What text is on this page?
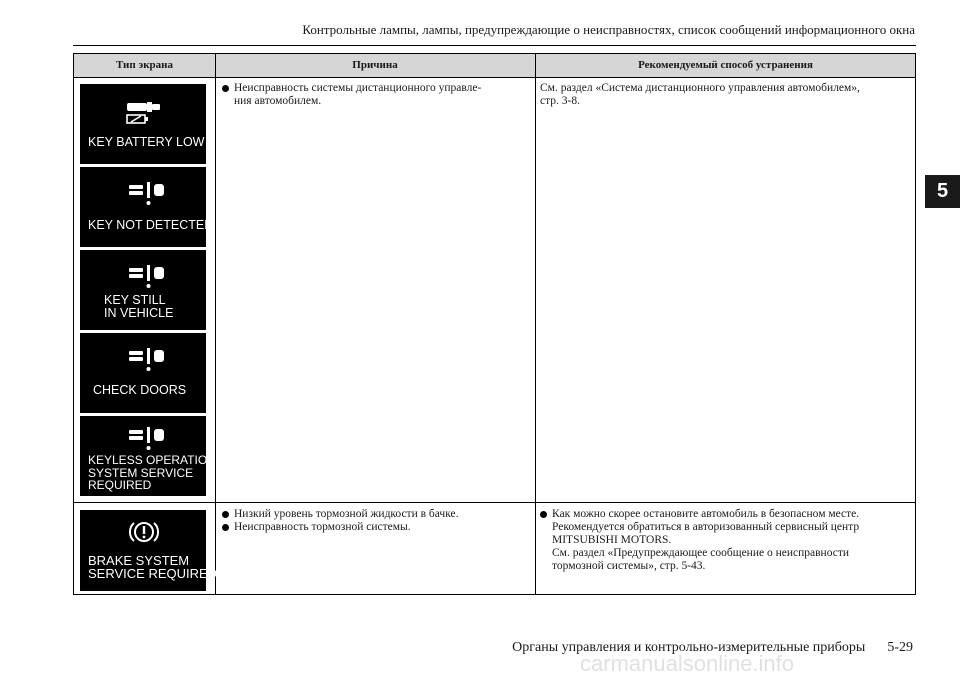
Контрольные лампы, лампы, предупреждающие о неисправностях, список сообщений информационного окна
5
Тип экрана	Причина	Рекомендуемый способ устранения
KEY BATTERY LOW
KEY NOT DETECTED
KEY STILL
IN VEHICLE
CHECK DOORS
KEYLESS OPERATION
SYSTEM SERVICE
REQUIRED
Неисправность системы дистанционного управле-
ния автомобилем.
См. раздел «Система дистанционного управления автомобилем»,
стр. 3-8.
BRAKE SYSTEM
SERVICE REQUIRED
Низкий уровень тормозной жидкости в бачке.
Неисправность тормозной системы.
Как можно скорее остановите автомобиль в безопасном месте.
Рекомендуется обратиться в авторизованный сервисный центр
MITSUBISHI MOTORS.
См. раздел «Предупреждающее сообщение о неисправности
тормозной системы», стр. 5-43.
Органы управления и контрольно-измерительные приборы 5-29
carmanualsonline.info
